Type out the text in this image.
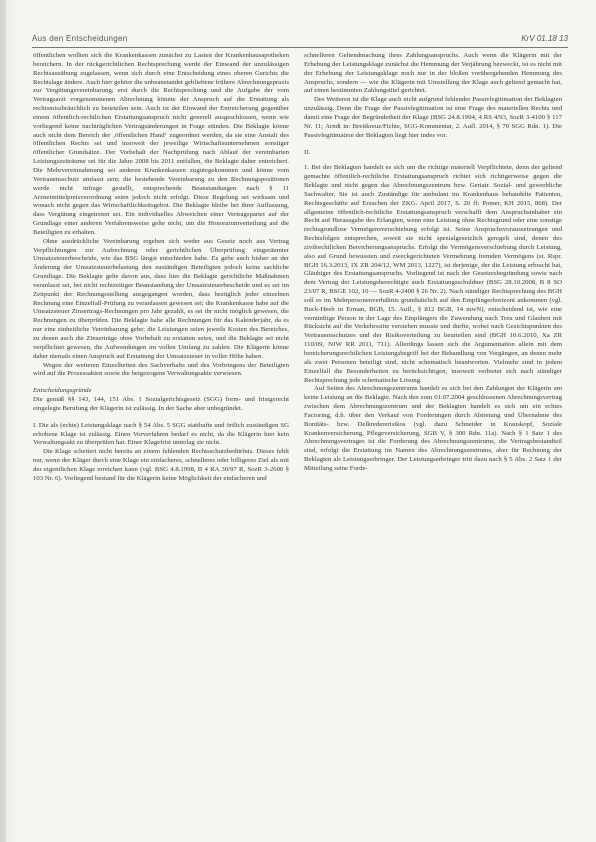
Aus den Entscheidungen	KrV 01.18 13

öffentlichen wollten sich die Krankenkassen zunächst zu Lasten der Krankenhausapotheken bereichern. In der rückgerichtlichen Rechtsprechung werde der Einwand der unzulässigen Rechtsausübung zugelassen, wenn sich durch eine Entscheidung eines oberen Gerichts die Rechtslage ändere. Auch hier gehöre die unbeanstandet gebliebene frühere Abrechnungspraxis zur Vergütungsvereinbarung; erst durch die Rechtsprechung und die Aufgabe der vom Vertragsarzt vorgenommenen Abrechnung könnte der Anspruch auf die Erstattung als rechtsmissbräuchlich zu beurteilen sein. Auch ist der Einwand der Entreicherung gegenüber einem öffentlich-rechtlichen Erstattungsanspruch nicht generell ausgeschlossen, wenn wie vorliegend keine nachträglichen Vertragsänderungen in Frage stünden. Die Beklagte könne auch nicht dem Bereich der ‚öffentlichen Hand‘ zugeordnet werden, da sie eine Anstalt des öffentlichen Rechts sei und insoweit der jeweilige Wirtschaftsunternehmen sonstiger öffentlicher Grundsätze. Der Vorbehalt der Nachprüfung nach Ablauf der vereinbarten Leistungszeiträume sei für die Jahre 2008 bis 2011 entfallen, die Beklagte daher entreichert. Die Mehrvereinnahmung sei anderen Krankenkassen zugutegekommen und könne vom Vertrauensschutz umfasst sein; die bestehende Vereinbarung zu den Rechnungspositionen werde nicht infrage gestellt, entsprechende Beanstandungen nach § 11 Arzneimittelpreisverordnung seien jedoch nicht erfolgt. Diese Regelung sei wirksam und wonach nicht gegen das Wirtschaftlichkeitsgebot. Die Beklagte bleibe bei ihrer Auffassung, dass Vergütung eingetreten sei. Ein individuelles Abweichen einer Vertragspartei auf der Grundlage einer anderen Verfahrensweise gelte nicht, um die Honorarumverteilung auf die Beteiligten zu erhalten.

Ohne ausdrückliche Vereinbarung ergeben sich weder aus Gesetz noch aus Vertrag Verpflichtungen zur Aufrechnung oder gerichtlichen Überprüfung eingeräumter Umsatzsteuerbescheide, wie das BSG längst entschieden habe. Es gebe auch bisher an der Änderung der Umsatzsteuerbelastung den zuständigen Beteiligten jedoch keine sachliche Grundlage. Die Beklagte gehe davon aus, dass hier die Beklagte gerichtliche Maßnahmen veranlasst sei, bei nicht rechtzeitiger Beanstandung der Umsatzsteuerbescheide und es sei im Zeitpunkt der Rechnungsstellung ausgegangen worden, dass bezüglich jeder einzelnen Rechnung eine Einzelfall-Prüfung zu veranlassen gewesen sei; die Krankenkasse habe auf die Umsatzsteuer Zinsertrags-Rechnungen pro Jahr gezahlt, es sei ihr nicht möglich gewesen, die Rechnungen zu überprüfen. Die Beklagte habe alle Rechnungen für das Kalenderjahr, da es nur eine einheitliche Vereinbarung gebe; die Leistungen seien jeweils Kosten des Bereiches, zu denen auch die Zinserträge ohne Vorbehalt zu erstatten seien, und die Beklagte sei nicht verpflichtet gewesen, die Aufwendungen im vollen Umfang zu zahlen. Die Klägerin könne daher niemals einen Anspruch auf Erstattung der Umsatzsteuer in voller Höhe haben.

Wegen der weiteren Einzelheiten des Sachverhalts und des Vorbringens der Beteiligten wird auf die Prozessakten sowie die beigezogene Verwaltungsakte verwiesen.

Entscheidungsgründe

Die gemäß §§ 143, 144, 151 Abs. 1 Sozialgerichtsgesetz (SGG) form- und fristgerecht eingelegte Berufung der Klägerin ist zulässig. In der Sache aber unbegründet.

I. Die als (echte) Leistungsklage nach § 54 Abs. 5 SGG statthafte und örtlich zuständigen SG erhobene Klage ist zulässig. Einen Vorverfahren bedarf es nicht, da die Klägerin hier kein Verwaltungsakt zu überprüfen hat. Einer Klagefrist unterlag sie nicht.

Die Klage scheitert nicht bereits an einem fehlenden Rechtsschutzbedürfnis. Dieses fehlt nur, wenn der Kläger durch eine Klage ein einfacheres, schnelleres oder billigeres Ziel als mit der eigentlichen Klage erreichen kann (vgl. BSG 4.8.1998, B 4 RA 30/97 R, SozR 3-2600 § 103 Nr. 6). Vorliegend bestand für die Klägerin keine Möglichkeit der einfacheren und

schnelleren Geltendmachung ihres Zahlungsanspruchs. Auch wenn die Klägerin mit der Erhebung der Leistungsklage zunächst die Hemmung der Verjährung bezweckt, ist es nicht mit der Erhebung der Leistungsklage noch nur in der bloßen vorübergehenden Hemmung des Anspruchs, sondern — wie die Klägerin mit Umstellung der Klage auch geltend gemacht hat, auf einen bestimmten Zahlungstitel gerichtet.

Des Weiteren ist die Klage auch nicht aufgrund fehlender Passivlegitimation der Beklagten unzulässig. Denn die Frage der Passivlegitimation ist eine Frage des materiellen Rechts und damit eine Frage der Begründetheit der Klage (BSG 24.8.1994, 4 RS 4/93, SozR 3-4100 § 117 Nr. 11; Arndt in: Breitkreuz/Fichte, SGG-Kommentar, 2. Aufl. 2014, § 70 SGG Rdn. 1). Die Passivlegitimation der Beklagten liegt hier indes vor.

II.

1. Bei der Beklagten handelt es sich um die richtige materiell Verpflichtete, denn der geltend gemachte öffentlich-rechtliche Erstattungsanspruch richtet sich richtigerweise gegen die Beklagte und nicht gegen das Abrechnungszentrum bzw. Geriatr. Sozial- und gewerbliche Sachwalter. Sie ist auch Zuständige für ambulant im Krankenhaus behandelte Patienten, Rechtsgeschäfte auf Ersuchen der ZKG. April 2017, S. 20 ff; Pomer, KH 2015, 868). Der allgemeine öffentlich-rechtliche Erstattungsanspruch verschafft dem Anspruchsinhaber ein Recht auf Herausgabe des Erlangten, wenn eine Leistung ohne Rechtsgrund oder eine sonstige rechtsgrundlose Vermögensverschiebung erfolgt ist. Seine Anspruchsvoraussetzungen und Rechtsfolgen entsprechen, soweit sie nicht spezialgesetzlich geregelt sind, denen des zivilrechtlichen Bereicherungsanspruchs. Erfolgt die Vermögensverschiebung durch Leistung, also auf Grund bewussten und zweckgerichteten Vermehrung fremden Vermögens (st. Rspr. BGH 16.3.2013, IX ZR 204/12, WM 2013, 1227), ist derjenige, der die Leistung erbracht hat, Gläubiger des Erstattungsanspruchs. Vorliegend ist nach der Gesetzesbegründung sowie nach dem Vertrag der Leistungsberechtigte auch Erstattungsschuldner (BSG 28.10.2008, B 8 SO 23/07 R, BSGE 102, 10 — SozR 4-2400 § 26 Nr. 2). Nach ständiger Rechtsprechung des BGH soll es im Mehrpersonenverhältnis grundsätzlich auf den Empfängerhorizont ankommen (vgl. Buck-Heeb in Erman, BGB, 15. Aufl., § 812 BGB, 14 mwN), entscheidend ist, wie eine vernünftige Person in der Lage des Empfängers die Zuwendung nach Treu und Glauben mit Rücksicht auf die Verkehrssitte verstehen musste und durfte, wobei nach Gesichtspunkten des Vertrauensschutzes und der Risikoverteilung zu beurteilen sind (BGH 10.6.2010, Xa ZR 110/09, NJW RR 2011, 711). Allerdings lassen sich die Argumentation allein mit dem bereicherungsrechtlichen Leistungsbegriff bei der Behandlung von Vorgängen, an denen mehr als zwei Personen beteiligt sind, nicht schematisch beantworten. Vielmehr sind in jedem Einzelfall die Besonderheiten zu berücksichtigen, insoweit verbietet sich nach ständiger Rechtsprechung jede schematische Lösung.

Auf Seiten des Abrechnungszentrums handelt es sich bei den Zahlungen der Klägerin um keine Leistung an die Beklagte. Nach den zum 01.07.2004 geschlossenen Abrechnungsvertrag zwischen dem Abrechnungszentrum und der Beklagten handelt es sich um ein echtes Factoring, d.h. über den Verkauf von Forderungen durch Abtretung und Übernahme des Bonitäts- bzw. Delkredererisikos (vgl. dazu Schneider in Krauskopf, Soziale Krankenversicherung, Pflegeversicherung, SGB V, § 300 Rdn. 11a). Nach § 1 Satz 1 des Abrechnungsvertrages ist die Forderung des Abrechnungszentrums, die Vertragsbestandteil sind, erfolgt die Erstattung im Namen des Abrechnungszentrums, aber für Rechnung der Beklagten als Leistungserbringer. Der Leistungserbringer tritt dazu nach § 5 Abs. 2 Satz 1 der Mitteilung seine Forde-
